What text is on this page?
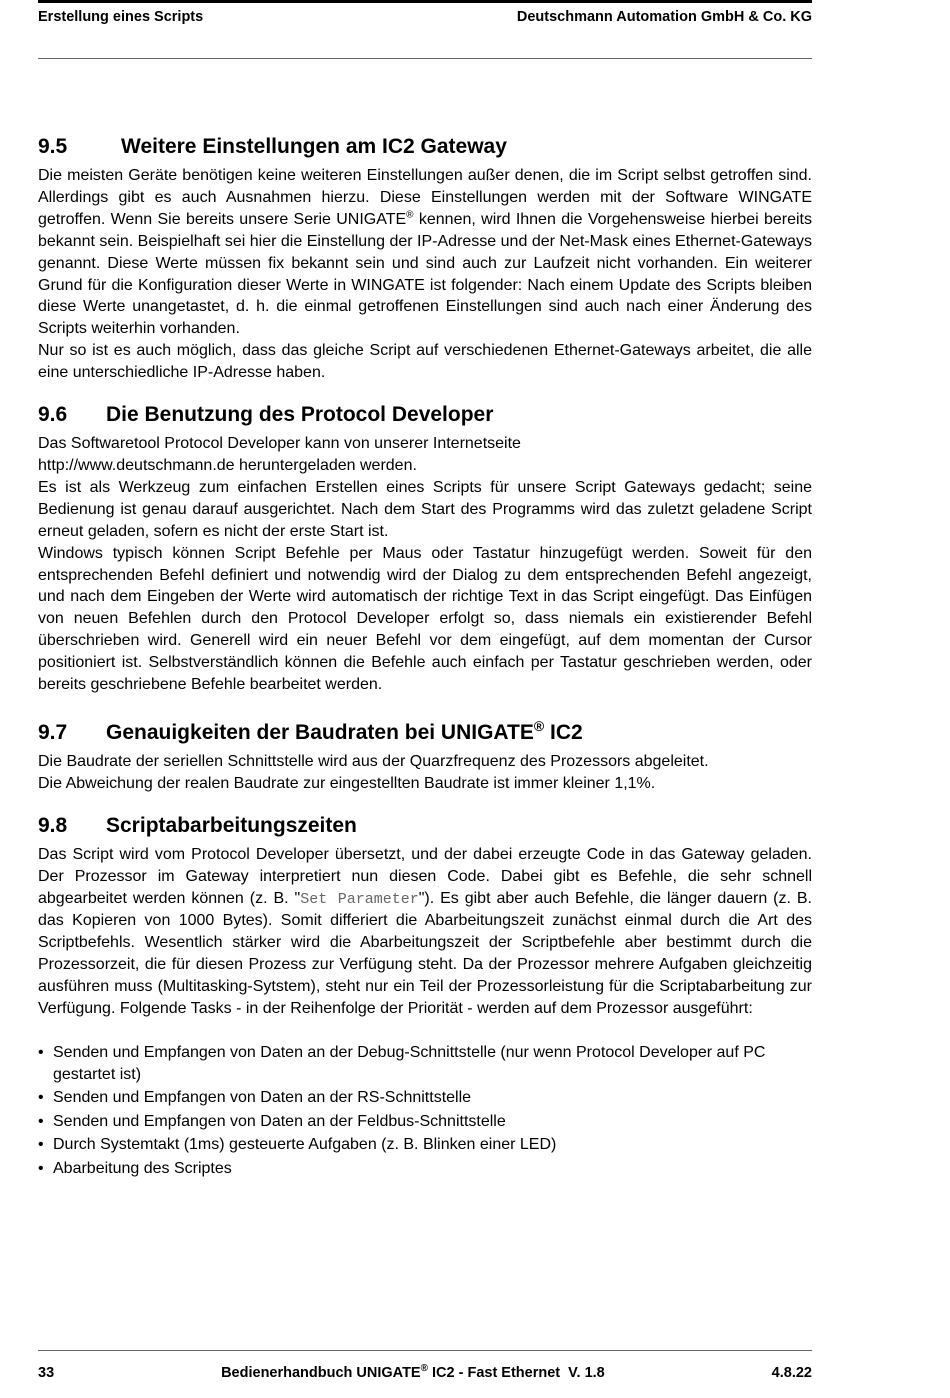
Erstellung eines Scripts	Deutschmann Automation GmbH & Co. KG
9.5	Weitere Einstellungen am IC2 Gateway

Die meisten Geräte benötigen keine weiteren Einstellungen außer denen, die im Script selbst getroffen sind. Allerdings gibt es auch Ausnahmen hierzu. Diese Einstellungen werden mit der Software WINGATE getroffen. Wenn Sie bereits unsere Serie UNIGATE® kennen, wird Ihnen die Vorgehensweise hierbei bereits bekannt sein. Beispielhaft sei hier die Einstellung der IP-Adresse und der Net-Mask eines Ethernet-Gateways genannt. Diese Werte müssen fix bekannt sein und sind auch zur Laufzeit nicht vorhanden. Ein weiterer Grund für die Konfiguration dieser Werte in WINGATE ist folgender: Nach einem Update des Scripts bleiben diese Werte unangetastet, d. h. die einmal getroffenen Einstellungen sind auch nach einer Änderung des Scripts weiterhin vorhanden.

Nur so ist es auch möglich, dass das gleiche Script auf verschiedenen Ethernet-Gateways arbeitet, die alle eine unterschiedliche IP-Adresse haben.

9.6	Die Benutzung des Protocol Developer

Das Softwaretool Protocol Developer kann von unserer Internetseite

http://www.deutschmann.de heruntergeladen werden.

Es ist als Werkzeug zum einfachen Erstellen eines Scripts für unsere Script Gateways gedacht; seine Bedienung ist genau darauf ausgerichtet. Nach dem Start des Programms wird das zuletzt geladene Script erneut geladen, sofern es nicht der erste Start ist.

Windows typisch können Script Befehle per Maus oder Tastatur hinzugefügt werden. Soweit für den entsprechenden Befehl definiert und notwendig wird der Dialog zu dem entsprechenden Befehl angezeigt, und nach dem Eingeben der Werte wird automatisch der richtige Text in das Script eingefügt. Das Einfügen von neuen Befehlen durch den Protocol Developer erfolgt so, dass niemals ein existierender Befehl überschrieben wird. Generell wird ein neuer Befehl vor dem eingefügt, auf dem momentan der Cursor positioniert ist. Selbstverständlich können die Befehle auch einfach per Tastatur geschrieben werden, oder bereits geschriebene Befehle bearbeitet werden.

9.7	Genauigkeiten der Baudraten bei UNIGATE® IC2

Die Baudrate der seriellen Schnittstelle wird aus der Quarzfrequenz des Prozessors abgeleitet.

Die Abweichung der realen Baudrate zur eingestellten Baudrate ist immer kleiner 1,1%.

9.8	Scriptabarbeitungszeiten

Das Script wird vom Protocol Developer übersetzt, und der dabei erzeugte Code in das Gateway geladen. Der Prozessor im Gateway interpretiert nun diesen Code. Dabei gibt es Befehle, die sehr schnell abgearbeitet werden können (z. B. "Set Parameter"). Es gibt aber auch Befehle, die länger dauern (z. B. das Kopieren von 1000 Bytes). Somit differiert die Abarbeitungszeit zunächst einmal durch die Art des Scriptbefehls. Wesentlich stärker wird die Abarbeitungszeit der Scriptbefehle aber bestimmt durch die Prozessorzeit, die für diesen Prozess zur Verfügung steht. Da der Prozessor mehrere Aufgaben gleichzeitig ausführen muss (Multitasking-Sytstem), steht nur ein Teil der Prozessorleistung für die Scriptabarbeitung zur Verfügung. Folgende Tasks - in der Reihenfolge der Priorität - werden auf dem Prozessor ausgeführt:

• Senden und Empfangen von Daten an der Debug-Schnittstelle (nur wenn Protocol Developer auf PC gestartet ist)
• Senden und Empfangen von Daten an der RS-Schnittstelle
• Senden und Empfangen von Daten an der Feldbus-Schnittstelle
• Durch Systemtakt (1ms) gesteuerte Aufgaben (z. B. Blinken einer LED)
• Abarbeitung des Scriptes
33	Bedienerhandbuch UNIGATE® IC2 - Fast Ethernet  V. 1.8	4.8.22
